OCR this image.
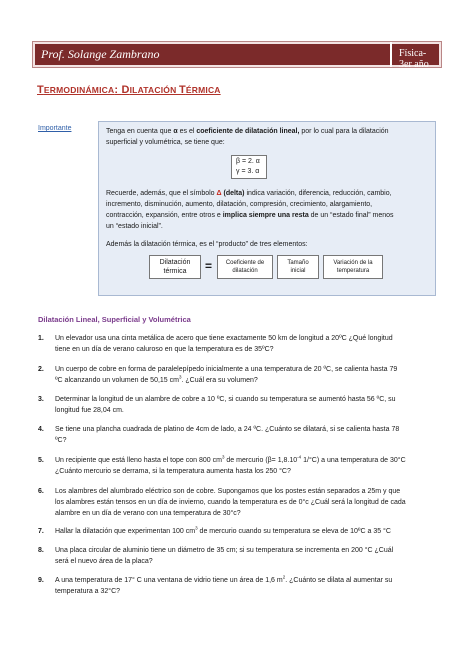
Prof. Solange Zambrano	Física- 3er año
TERMODINÁMICA: DILATACIÓN TÉRMICA
Importante	Tenga en cuenta que α es el coeficiente de dilatación lineal, por lo cual para la dilatación

superficial y volumétrica, se tiene que:

β = 2. α
γ = 3. α

Recuerde, además, que el símbolo Δ (delta) indica variación, diferencia, reducción, cambio,

incremento, disminución, aumento, dilatación, compresión, crecimiento, alargamiento,

contracción, expansión, entre otros e implica siempre una resta de un “estado final” menos

un “estado inicial”.

Además la dilatación térmica, es el “producto” de tres elementos:

Dilatación térmica	=	Coeficiente de dilatación
Tamaño inicial
Variación de la temperatura
Dilatación Lineal, Superficial y Volumétrica
1. Un elevador usa una cinta metálica de acero que tiene exactamente 50 km de longitud a 20ºC ¿Qué longitud
tiene en un día de verano caluroso en que la temperatura es de 35ºC?
2. Un cuerpo de cobre en forma de paralelepípedo inicialmente a una temperatura de 20 ºC, se calienta hasta 79
ºC alcanzando un volumen de 50,15 $cm^3$. ¿Cuál era su volumen?
3. Determinar la longitud de un alambre de cobre a 10 ºC, si cuando su temperatura se aumentó hasta 56 ºC, su
longitud fue 28,04 cm.
4. Se tiene una plancha cuadrada de platino de 4cm de lado, a 24 ºC. ¿Cuánto se dilatará, si se calienta hasta 78
ºC?
5. Un recipiente que está lleno hasta el tope con 800 $cm^3$ de mercurio ($\beta= 1,8.10^{-4}$ 1/°C) a una temperatura de 30°C
¿Cuánto mercurio se derrama, si la temperatura aumenta hasta los 250 °C?
6. Los alambres del alumbrado eléctrico son de cobre. Supongamos que los postes están separados a 25m y que
los alambres están tensos en un día de invierno, cuando la temperatura es de 0°c ¿Cuál será la longitud de cada
alambre en un día de verano con una temperatura de 30°c?
7. Hallar la dilatación que experimentan 100 $cm^3$ de mercurio cuando su temperatura se eleva de 10ºC a 35 °C
8. Una placa circular de aluminio tiene un diámetro de 35 cm; si su temperatura se incrementa en 200 °C ¿Cuál
será el nuevo área de la placa?
9. A una temperatura de 17° C una ventana de vidrio tiene un área de 1,6 $m^2$. ¿Cuánto se dilata al aumentar su
temperatura a 32°C?
